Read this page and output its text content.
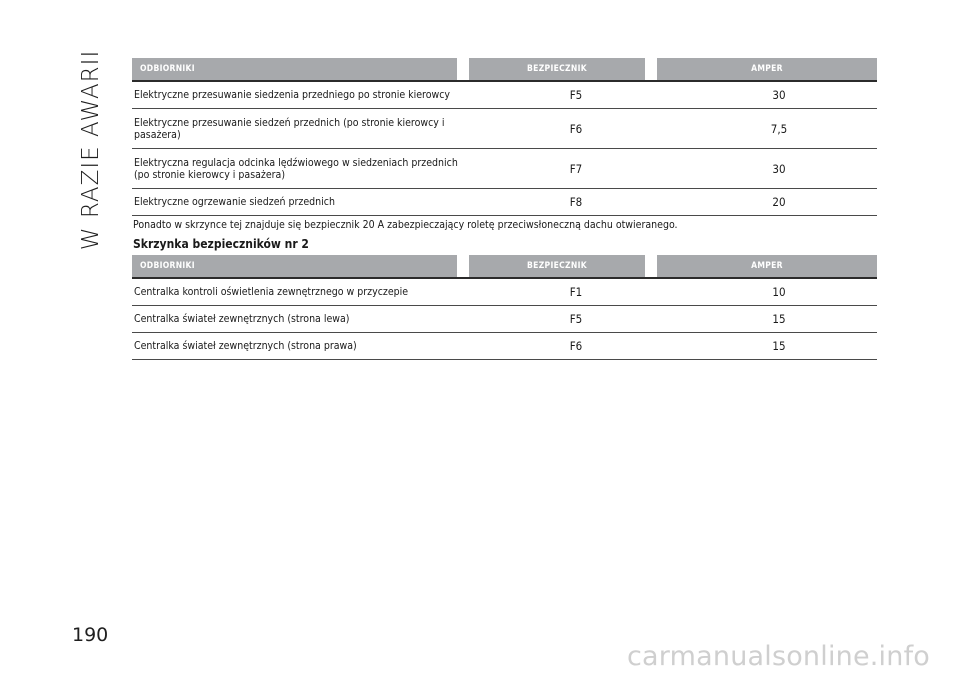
W RAZIE AWARII	ODBIORNIKI	BEZPIECZNIK	AMPER
Elektryczne przesuwanie siedzenia przedniego po stronie kierowcy	F5	30
Elektryczne przesuwanie siedzeń przednich (po stronie kierowcy i pasażera)	F6	7,5
Elektryczna regulacja odcinka lędźwiowego w siedzeniach przednich (po stronie kierowcy i pasażera)	F7	30
Elektryczne ogrzewanie siedzeń przednich	F8	20
Ponadto w skrzynce tej znajduje się bezpiecznik 20 A zabezpieczający roletę przeciwsłoneczną dachu otwieranego.
Skrzynka bezpieczników nr 2
ODBIORNIKI	BEZPIECZNIK	AMPER
Centralka kontroli oświetlenia zewnętrznego w przyczepie	F1	10
Centralka świateł zewnętrznych (strona lewa)	F5	15
Centralka świateł zewnętrznych (strona prawa)	F6	15
190
carmanualsonline.info
